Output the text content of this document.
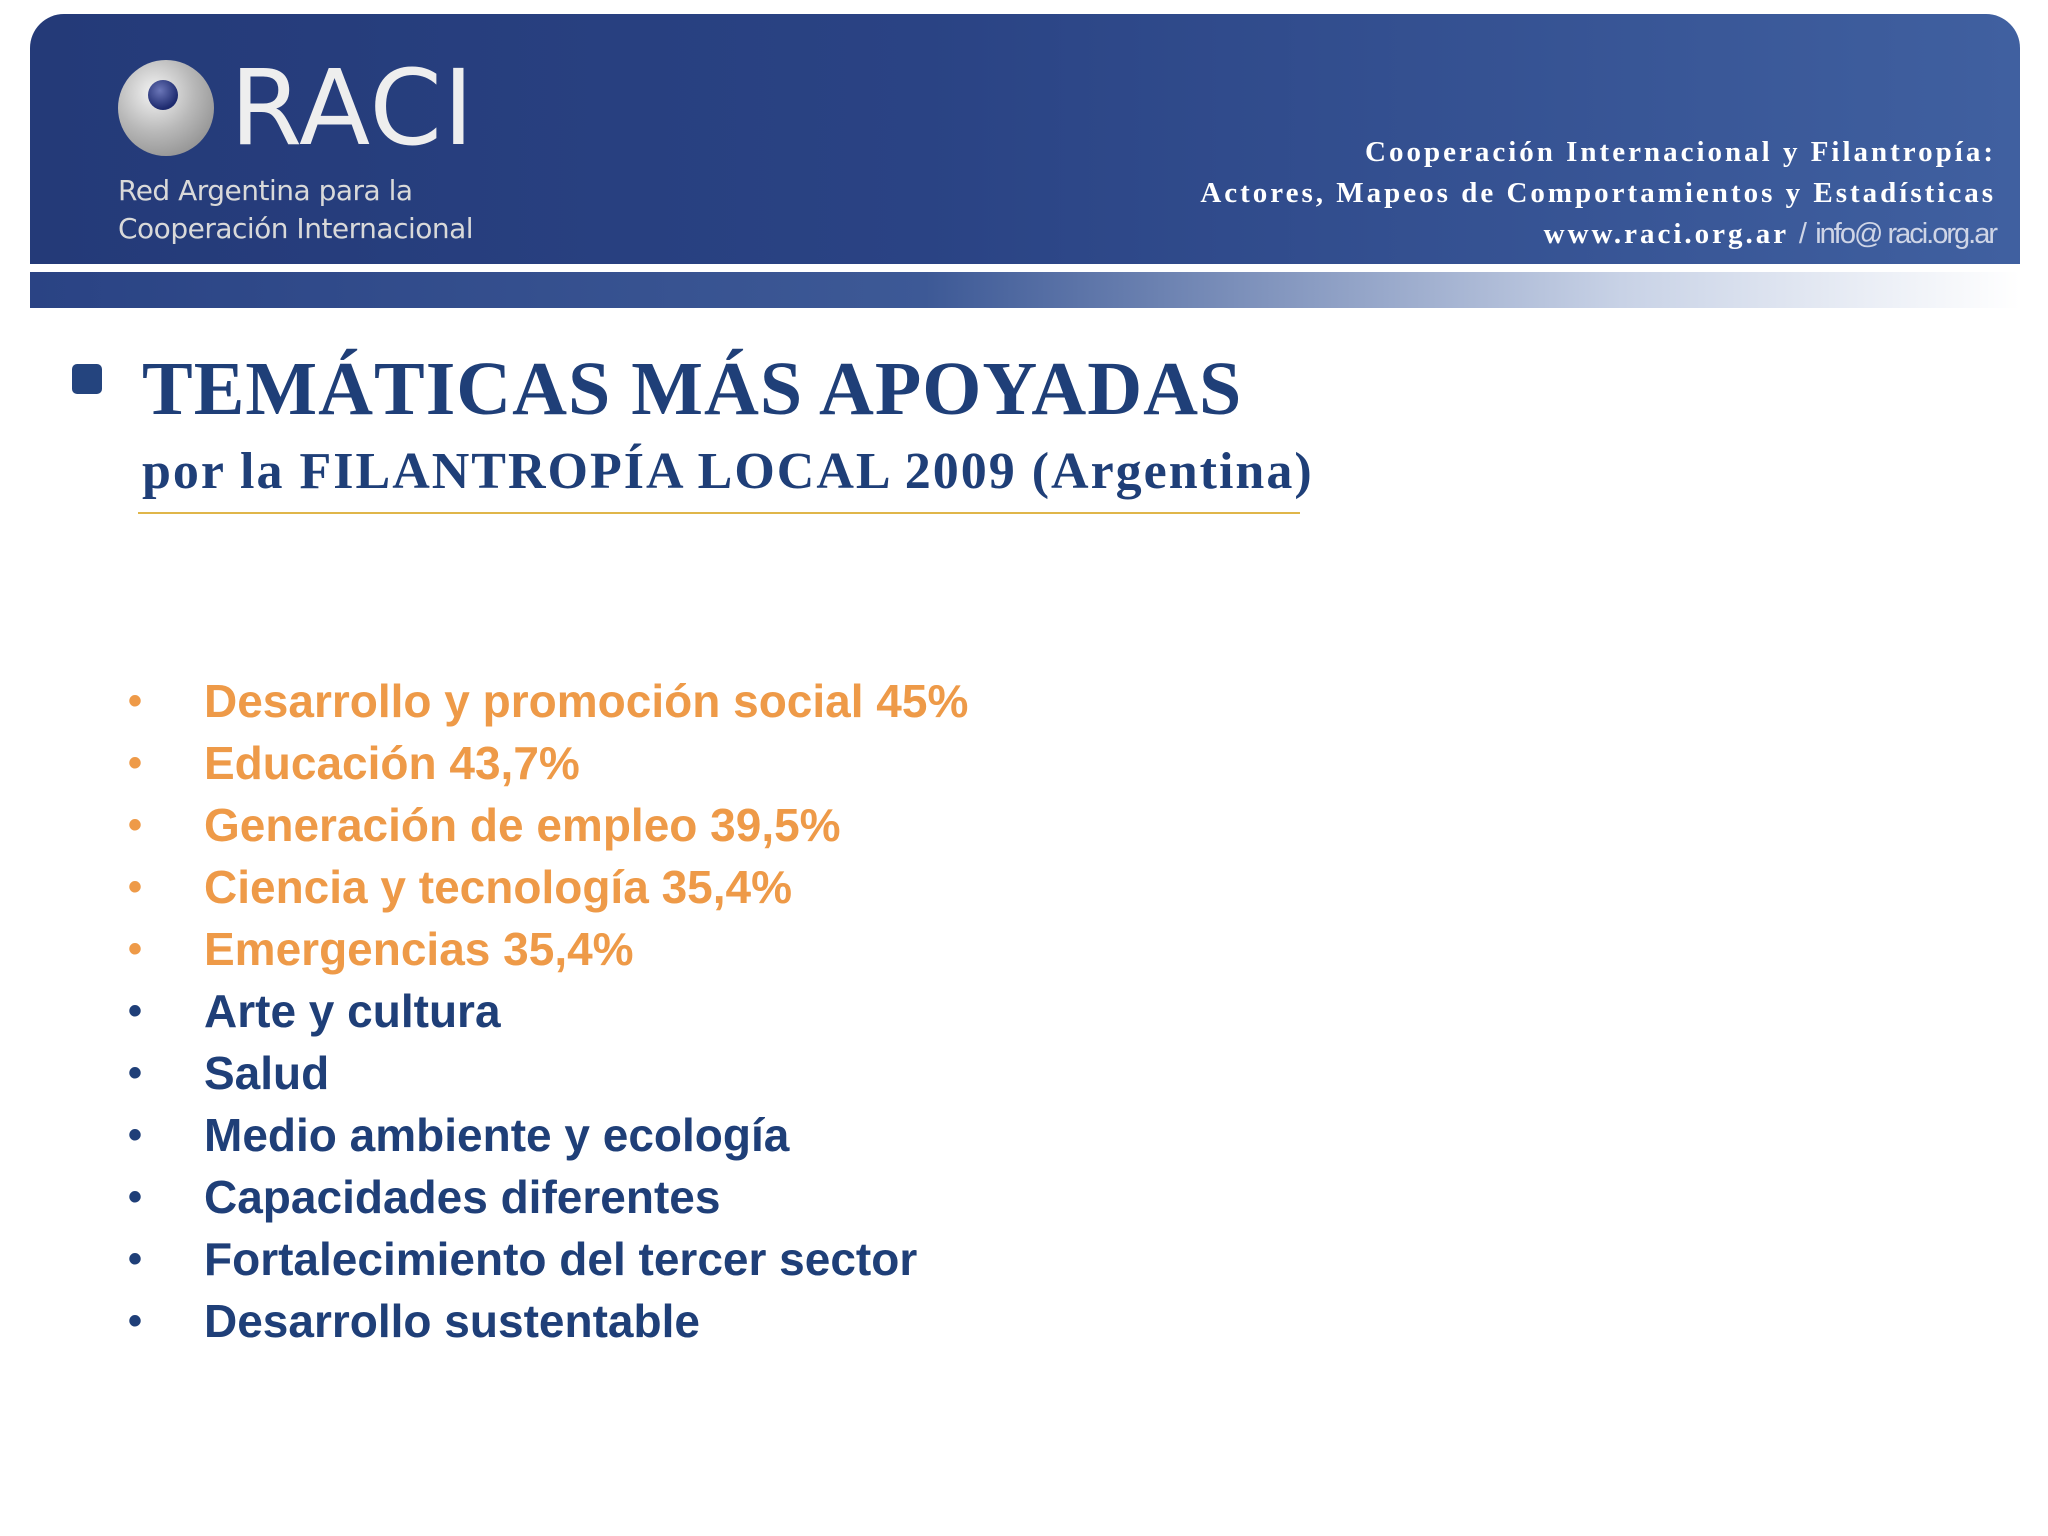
RACI
Red Argentina para la
Cooperación Internacional
Cooperación Internacional y Filantropía:
Actores, Mapeos de Comportamientos y Estadísticas
www.raci.org.ar / info@ raci.org.ar
TEMÁTICAS MÁS APOYADAS
por la FILANTROPÍA LOCAL 2009 (Argentina)
• Desarrollo y promoción social 45%
• Educación 43,7%
• Generación de empleo 39,5%
• Ciencia y tecnología 35,4%
• Emergencias 35,4%
• Arte y cultura
• Salud
• Medio ambiente y ecología
• Capacidades diferentes
• Fortalecimiento del tercer sector
• Desarrollo sustentable
